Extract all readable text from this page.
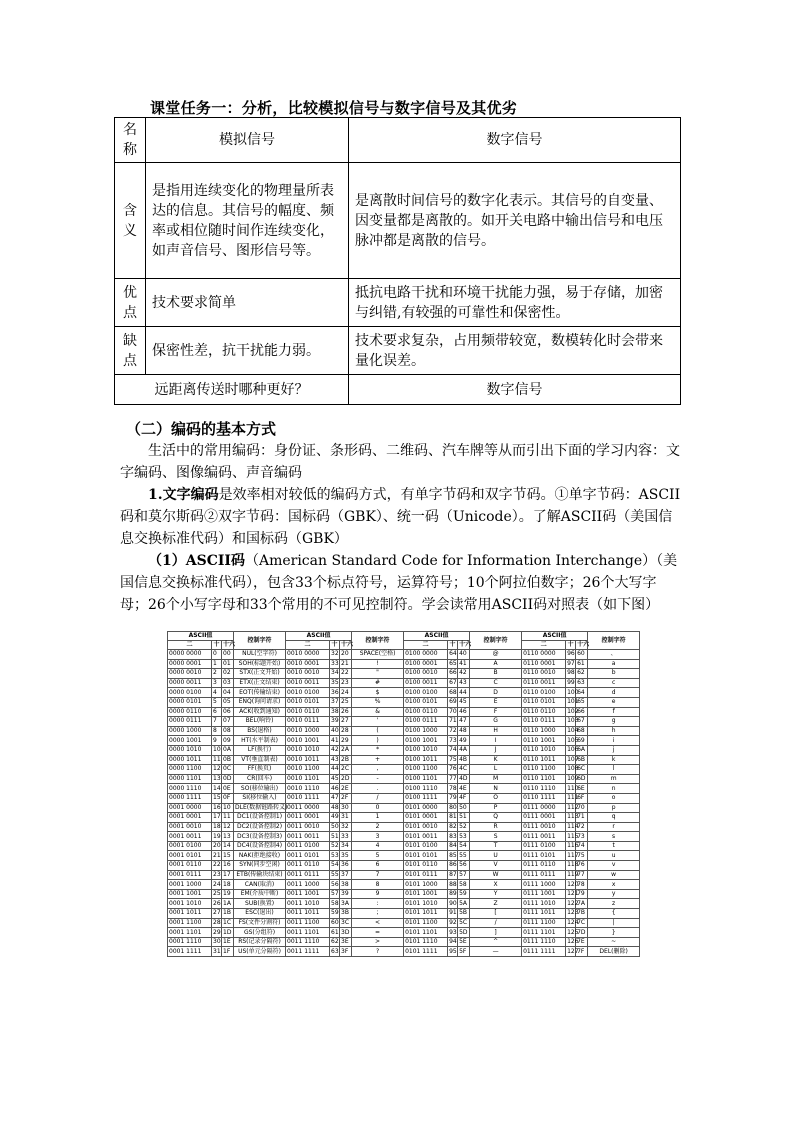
课堂任务一：分析，比较模拟信号与数字信号及其优劣
名称	模拟信号	数字信号
含义	是指用连续变化的物理量所表达的信息。其信号的幅度、频率或相位随时间作连续变化，如声音信号、图形信号等。	是离散时间信号的数字化表示。其信号的自变量、因变量都是离散的。如开关电路中输出信号和电压脉冲都是离散的信号。
优点	技术要求简单	抵抗电路干扰和环境干扰能力强，易于存储，加密与纠错,有较强的可靠性和保密性。
缺点	保密性差，抗干扰能力弱。	技术要求复杂，占用频带较宽，数模转化时会带来量化误差。
远距离传送时哪种更好？		数字信号
（二）编码的基本方式
生活中的常用编码：身份证、条形码、二维码、汽车牌等从而引出下面的学习内容：文字编码、图像编码、声音编码
1.文字编码是效率相对较低的编码方式，有单字节码和双字节码。①单字节码：ASCII码和莫尔斯码②双字节码：国标码（GBK）、统一码（Unicode）。了解ASCII码（美国信息交换标准代码）和国标码（GBK）
（1）ASCII码（American Standard Code for Information Interchange）（美国信息交换标准代码），包含33个标点符号，运算符号；10个阿拉伯数字；26个大写字母；26个小写字母和33个常用的不可见控制符。学会读常用ASCII码对照表（如下图）
ASCII值			控制字符	ASCII值			控制字符	ASCII值			控制字符	ASCII值			控制字符
二	十	十六		二	十	十六		二	十	十六		二	十	十六	
0000 0000	0	00	NUL(空字符)	0010 0000	32	20	SPACE(空格)	0100 0000	64	40	@	0110 0000	96	60	、
0000 0001	1	01	SOH(标题开始)	0010 0001	33	21	!	0100 0001	65	41	A	0110 0001	97	61	a
0000 0010	2	02	STX(正文开始)	0010 0010	34	22	"	0100 0010	66	42	B	0110 0010	98	62	b
0000 0011	3	03	ETX(正文结束)	0010 0011	35	23	#	0100 0011	67	43	C	0110 0011	99	63	c
0000 0100	4	04	EOT(传输结束)	0010 0100	36	24	$	0100 0100	68	44	D	0110 0100	100	64	d
0000 0101	5	05	ENQ(询问请求)	0010 0101	37	25	%	0100 0101	69	45	E	0110 0101	101	65	e
0000 0110	6	06	ACK(收到通知)	0010 0110	38	26	&	0100 0110	70	46	F	0110 0110	102	66	f
0000 0111	7	07	BEL(响铃)	0010 0111	39	27	'	0100 0111	71	47	G	0110 0111	103	67	g
0000 1000	8	08	BS(退格)	0010 1000	40	28	(	0100 1000	72	48	H	0110 1000	104	68	h
0000 1001	9	09	HT(水平制表)	0010 1001	41	29	)	0100 1001	73	49	I	0110 1001	105	69	i
0000 1010	10	0A	LF(换行)	0010 1010	42	2A	*	0100 1010	74	4A	J	0110 1010	106	6A	j
0000 1011	11	0B	VT(垂直制表)	0010 1011	43	2B	+	0100 1011	75	4B	K	0110 1011	107	6B	k
0000 1100	12	0C	FF(换页)	0010 1100	44	2C	,	0100 1100	76	4C	L	0110 1100	108	6C	l
0000 1101	13	0D	CR(回车)	0010 1101	45	2D	-	0100 1101	77	4D	M	0110 1101	109	6D	m
0000 1110	14	0E	SO(移位输出)	0010 1110	46	2E	.	0100 1110	78	4E	N	0110 1110	110	6E	n
0000 1111	15	0F	SI(移位输入)	0010 1111	47	2F	/	0100 1111	79	4F	O	0110 1111	111	6F	o
0001 0000	16	10	DLE(数据链路转义)	0011 0000	48	30	0	0101 0000	80	50	P	0111 0000	112	70	p
0001 0001	17	11	DC1(设备控制1)	0011 0001	49	31	1	0101 0001	81	51	Q	0111 0001	113	71	q
0001 0010	18	12	DC2(设备控制2)	0011 0010	50	32	2	0101 0010	82	52	R	0111 0010	114	72	r
0001 0011	19	13	DC3(设备控制3)	0011 0011	51	33	3	0101 0011	83	53	S	0111 0011	115	73	s
0001 0100	20	14	DC4(设备控制4)	0011 0100	52	34	4	0101 0100	84	54	T	0111 0100	116	74	t
0001 0101	21	15	NAK(拒绝接收)	0011 0101	53	35	5	0101 0101	85	55	U	0111 0101	117	75	u
0001 0110	22	16	SYN(同步空闲)	0011 0110	54	36	6	0101 0110	86	56	V	0111 0110	118	76	v
0001 0111	23	17	ETB(传输块结束)	0011 0111	55	37	7	0101 0111	87	57	W	0111 0111	119	77	w
0001 1000	24	18	CAN(取消)	0011 1000	56	38	8	0101 1000	88	58	X	0111 1000	120	78	x
0001 1001	25	19	EM(介质中断)	0011 1001	57	39	9	0101 1001	89	59	Y	0111 1001	121	79	y
0001 1010	26	1A	SUB(换置)	0011 1010	58	3A	:	0101 1010	90	5A	Z	0111 1010	122	7A	z
0001 1011	27	1B	ESC(退出)	0011 1011	59	3B	;	0101 1011	91	5B	[	0111 1011	123	7B	{
0001 1100	28	1C	FS(文件分割符)	0011 1100	60	3C	<	0101 1100	92	5C	/	0111 1100	124	7C	|
0001 1101	29	1D	GS(分组符)	0011 1101	61	3D	=	0101 1101	93	5D	]	0111 1101	125	7D	}
0001 1110	30	1E	RS(记录分隔符)	0011 1110	62	3E	>	0101 1110	94	5E	^	0111 1110	126	7E	~
0001 1111	31	1F	US(单元分隔符)	0011 1111	63	3F	?	0101 1111	95	5F	—	0111 1111	127	7F	DEL(删除)
